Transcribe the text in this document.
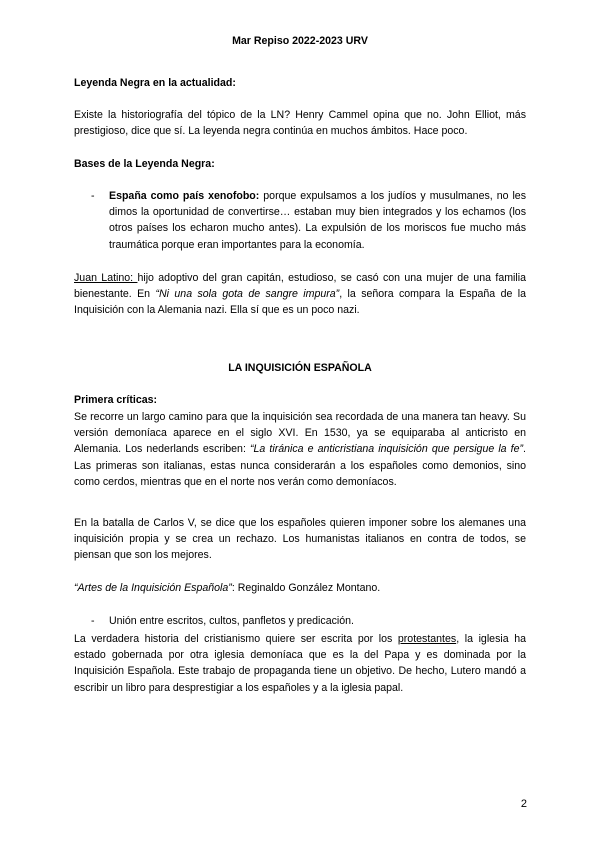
Mar Repiso 2022-2023 URV

Leyenda Negra en la actualidad:

Existe la historiografía del tópico de la LN? Henry Cammel opina que no. John Elliot, más prestigioso, dice que sí. La leyenda negra continúa en muchos ámbitos. Hace poco.

Bases de la Leyenda Negra:

- España como país xenofobo: porque expulsamos a los judíos y musulmanes, no les dimos la oportunidad de convertirse… estaban muy bien integrados y los echamos (los otros países los echaron mucho antes). La expulsión de los moriscos fue mucho más traumática porque eran importantes para la economía.

Juan Latino: hijo adoptivo del gran capitán, estudioso, se casó con una mujer de una familia bienestante. En “Ni una sola gota de sangre impura”, la señora compara la España de la Inquisición con la Alemania nazi. Ella sí que es un poco nazi.

LA INQUISICIÓN ESPAÑOLA

Primera críticas:

Se recorre un largo camino para que la inquisición sea recordada de una manera tan heavy. Su versión demoníaca aparece en el siglo XVI. En 1530, ya se equiparaba al anticristo en Alemania. Los nederlands escriben: “La tiránica e anticristiana inquisición que persigue la fe”. Las primeras son italianas, estas nunca considerarán a los españoles como demonios, sino como cerdos, mientras que en el norte nos verán como demoníacos.

En la batalla de Carlos V, se dice que los españoles quieren imponer sobre los alemanes una inquisición propia y se crea un rechazo. Los humanistas italianos en contra de todos, se piensan que son los mejores.

“Artes de la Inquisición Española”: Reginaldo González Montano.

- Unión entre escritos, cultos, panfletos y predicación.

La verdadera historia del cristianismo quiere ser escrita por los protestantes, la iglesia ha estado gobernada por otra iglesia demoníaca que es la del Papa y es dominada por la Inquisición Española. Este trabajo de propaganda tiene un objetivo. De hecho, Lutero mandó a escribir un libro para desprestigiar a los españoles y a la iglesia papal.

2
